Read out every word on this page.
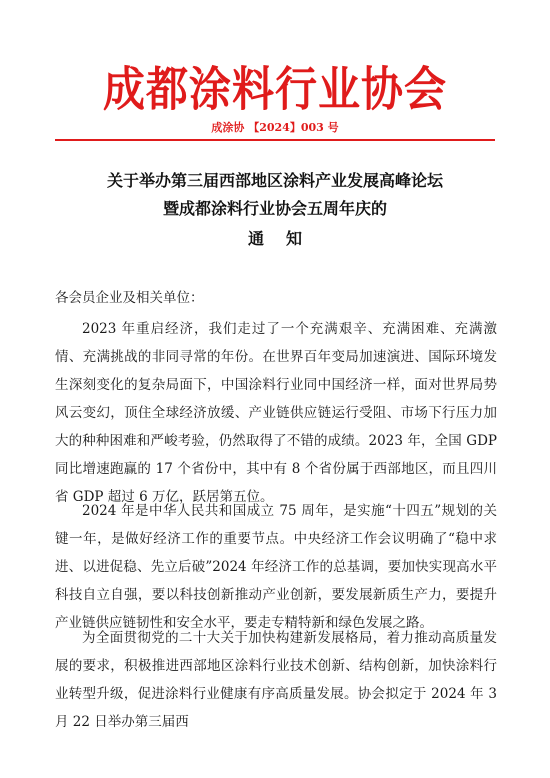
成都涂料行业协会
成涂协 【2024】003 号
关于举办第三届西部地区涂料产业发展高峰论坛
暨成都涂料行业协会五周年庆的
通知
各会员企业及相关单位：

2023 年重启经济，我们走过了一个充满艰辛、充满困难、充满激情、充满挑战的非同寻常的年份。在世界百年变局加速演进、国际环境发生深刻变化的复杂局面下，中国涂料行业同中国经济一样，面对世界局势风云变幻，顶住全球经济放缓、产业链供应链运行受阻、市场下行压力加大的种种困难和严峻考验，仍然取得了不错的成绩。2023 年，全国 GDP 同比增速跑赢的 17 个省份中，其中有 8 个省份属于西部地区，而且四川省 GDP 超过 6 万亿，跃居第五位。

2024 年是中华人民共和国成立 75 周年，是实施“十四五”规划的关键一年，是做好经济工作的重要节点。中央经济工作会议明确了“稳中求进、以进促稳、先立后破”2024 年经济工作的总基调，要加快实现高水平科技自立自强，要以科技创新推动产业创新，要发展新质生产力，要提升产业链供应链韧性和安全水平，要走专精特新和绿色发展之路。

为全面贯彻党的二十大关于加快构建新发展格局，着力推动高质量发展的要求，积极推进西部地区涂料行业技术创新、结构创新，加快涂料行业转型升级，促进涂料行业健康有序高质量发展。协会拟定于 2024 年 3 月 22 日举办第三届西
